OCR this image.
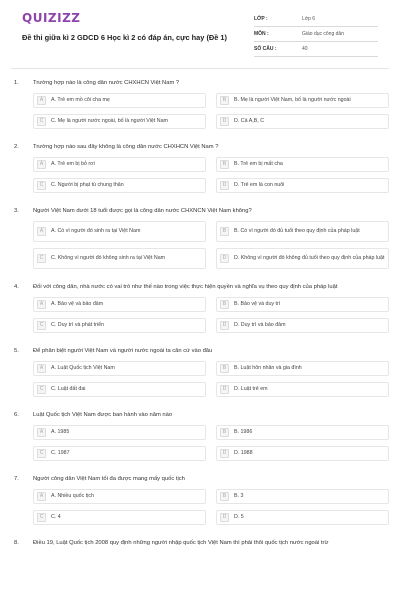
QUIZIZZ
Đề thi giữa kì 2 GDCD 6 Học kì 2 có đáp án, cực hay (Đề 1)
LỚP :	Lớp 6
MÔN :	Giáo dục công dân
SỐ CÂU :	40
1.	Trường hợp nào là công dân nước CHXHCN Việt Nam ?
A	A. Trẻ em mồ côi cha mẹ	B	B. Mẹ là người Việt Nam, bố là người nước ngoài
C	C. Mẹ là người nước ngoài, bố là người Việt Nam	D	D. Cả A,B, C
2.	Trường hợp nào sau đây không là công dân nước CHXHCN Việt Nam ?
A	A. Trẻ em bị bỏ rơi	B	B. Trẻ em bị mất cha
C	C. Người bị phạt tù chung thân	D	D. Trẻ em là con nuôi
3.	Người Việt Nam dưới 18 tuổi được gọi là công dân nước CHXNCN Việt Nam không?
A	A. Có vì người đó sinh ra tại Việt Nam	B	B. Có vì người đó đủ tuổi theo quy định của pháp luật
C	C. Không vì người đó không sinh ra tại Việt Nam	D	D. Không vì người đó không đủ tuổi theo quy định của pháp luật
4.	Đối với công dân, nhà nước có vai trò như thế nào trong việc thực hiện quyền và nghĩa vụ theo quy định của pháp luật
A	A. Bảo vệ và bảo đảm	B	B. Bảo vệ và duy trì
C	C. Duy trì và phát triển	D	D. Duy trì và bảo đảm
5.	Để phân biệt người Việt Nam và người nước ngoài ta căn cứ vào đâu
A	A. Luật Quốc tịch Việt Nam	B	B. Luật hôn nhân và gia đình
C	C. Luật đất đai	D	D. Luật trẻ em
6.	Luật Quốc tịch Việt Nam được ban hành vào năm nào
A	A. 1985	B	B. 1986
C	C. 1987	D	D. 1988
7.	Người công dân Việt Nam tối đa được mang mấy quốc tịch
A	A. Nhiều quốc tịch	B	B. 3
C	C. 4	D	D. 5
8.	Điều 19, Luật Quốc tịch 2008 quy định những người nhập quốc tịch Việt Nam thì phải thôi quốc tịch nước ngoài trừ
